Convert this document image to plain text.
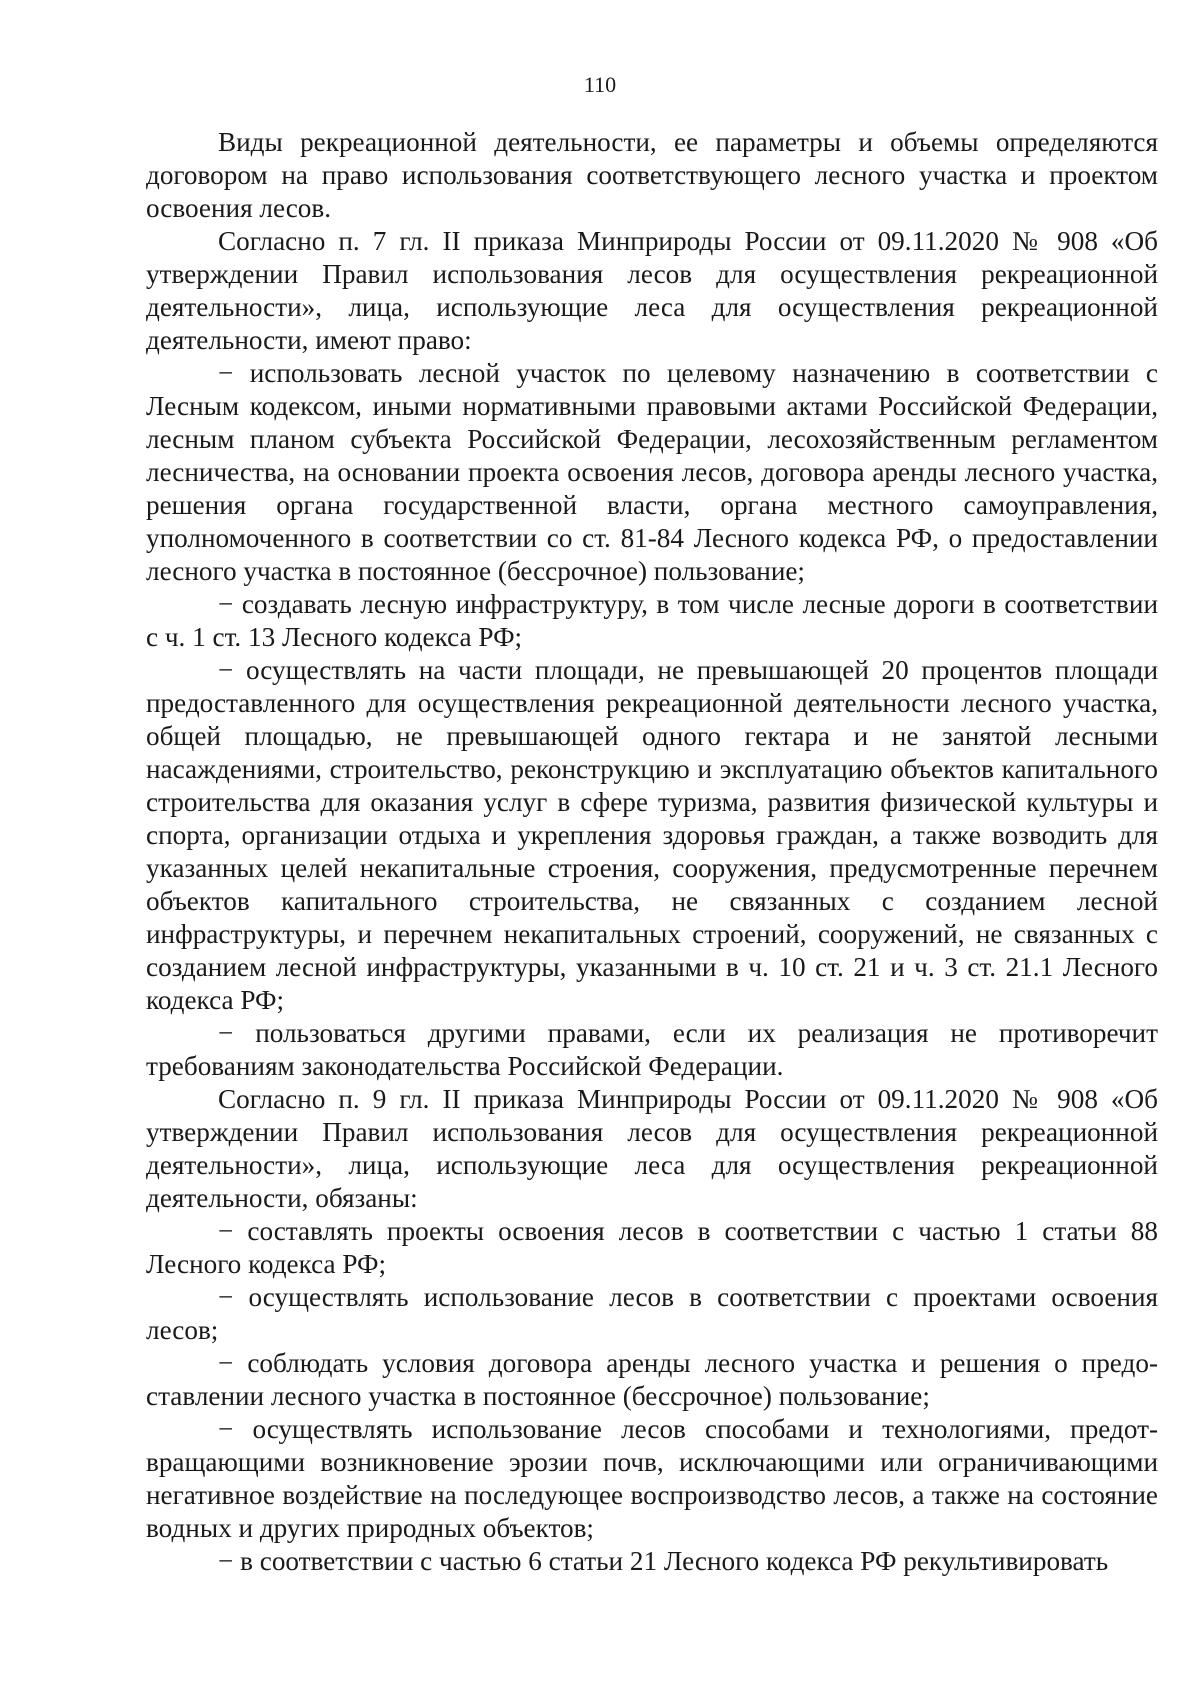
110

Виды рекреационной деятельности, ее параметры и объемы определяются договором на право использования соответствующего лесного участка и проектом освоения лесов.

Согласно п. 7 гл. II приказа Минприроды России от 09.11.2020 № 908 «Об утверждении Правил использования лесов для осуществления рекреационной деятельности», лица, использующие леса для осуществления рекреационной деятельности, имеют право:

− использовать лесной участок по целевому назначению в соответствии с Лесным кодексом, иными нормативными правовыми актами Российской Федерации, лесным планом субъекта Российской Федерации, лесохозяйственным регламентом лесничества, на основании проекта освоения лесов, договора аренды лесного участка, решения органа государственной власти, органа местного самоуправления, уполномоченного в соответствии со ст. 81-84 Лесного кодекса РФ, о предоставлении лесного участка в постоянное (бессрочное) пользование;

− создавать лесную инфраструктуру, в том числе лесные дороги в соответствии с ч. 1 ст. 13 Лесного кодекса РФ;

− осуществлять на части площади, не превышающей 20 процентов площади предоставленного для осуществления рекреационной деятельности лесного участка, общей площадью, не превышающей одного гектара и не занятой лесными насаждениями, строительство, реконструкцию и эксплуатацию объектов капитального строительства для оказания услуг в сфере туризма, развития физической культуры и спорта, организации отдыха и укрепления здоровья граждан, а также возводить для указанных целей некапитальные строения, сооружения, предусмотренные перечнем объектов капитального строительства, не связанных с созданием лесной инфраструктуры, и перечнем некапитальных строений, сооружений, не связанных с созданием лесной инфраструктуры, указанными в ч. 10 ст. 21 и ч. 3 ст. 21.1 Лесного кодекса РФ;

− пользоваться другими правами, если их реализация не противоречит требованиям законодательства Российской Федерации.

Согласно п. 9 гл. II приказа Минприроды России от 09.11.2020 № 908 «Об утверждении Правил использования лесов для осуществления рекреационной деятельности», лица, использующие леса для осуществления рекреационной деятельности, обязаны:

− составлять проекты освоения лесов в соответствии с частью 1 статьи 88 Лесного кодекса РФ;

− осуществлять использование лесов в соответствии с проектами освоения лесов;

− соблюдать условия договора аренды лесного участка и решения о предо-ставлении лесного участка в постоянное (бессрочное) пользование;

− осуществлять использование лесов способами и технологиями, предот-вращающими возникновение эрозии почв, исключающими или ограничивающими негативное воздействие на последующее воспроизводство лесов, а также на состояние водных и других природных объектов;

− в соответствии с частью 6 статьи 21 Лесного кодекса РФ рекультивировать
